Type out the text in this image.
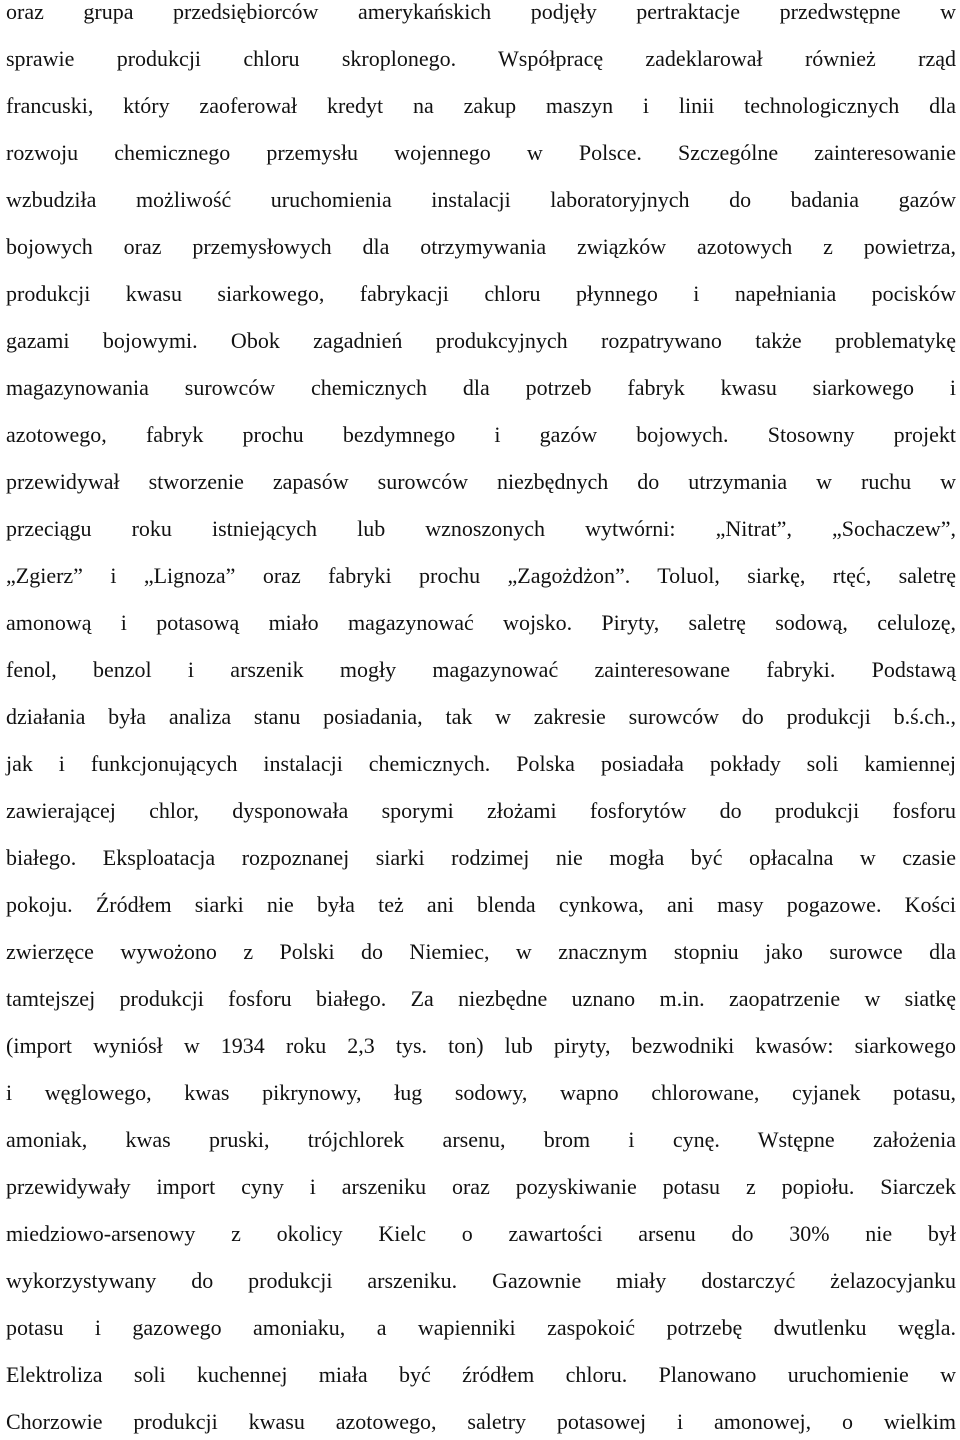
oraz grupa przedsiębiorców amerykańskich podjęły pertraktacje przedwstępne w
sprawie produkcji chloru skroplonego. Współpracę zadeklarował również rząd
francuski, który zaoferował kredyt na zakup maszyn i linii technologicznych dla
rozwoju chemicznego przemysłu wojennego w Polsce. Szczególne zainteresowanie
wzbudziła możliwość uruchomienia instalacji laboratoryjnych do badania gazów
bojowych oraz przemysłowych dla otrzymywania związków azotowych z powietrza,
produkcji kwasu siarkowego, fabrykacji chloru płynnego i napełniania pocisków
gazami bojowymi. Obok zagadnień produkcyjnych rozpatrywano także problematykę
magazynowania surowców chemicznych dla potrzeb fabryk kwasu siarkowego i
azotowego, fabryk prochu bezdymnego i gazów bojowych. Stosowny projekt
przewidywał stworzenie zapasów surowców niezbędnych do utrzymania w ruchu w
przeciągu roku istniejących lub wznoszonych wytwórni: „Nitrat”, „Sochaczew”,
„Zgierz” i „Lignoza” oraz fabryki prochu „Zagożdżon”. Toluol, siarkę, rtęć, saletrę
amonową i potasową miało magazynować wojsko. Piryty, saletrę sodową, celulozę,
fenol, benzol i arszenik mogły magazynować zainteresowane fabryki. Podstawą
działania była analiza stanu posiadania, tak w zakresie surowców do produkcji b.ś.ch.,
jak i funkcjonujących instalacji chemicznych. Polska posiadała pokłady soli kamiennej
zawierającej chlor, dysponowała sporymi złożami fosforytów do produkcji fosforu
białego. Eksploatacja rozpoznanej siarki rodzimej nie mogła być opłacalna w czasie
pokoju. Źródłem siarki nie była też ani blenda cynkowa, ani masy pogazowe. Kości
zwierzęce wywożono z Polski do Niemiec, w znacznym stopniu jako surowce dla
tamtejszej produkcji fosforu białego. Za niezbędne uznano m.in. zaopatrzenie w siatkę
(import wyniósł w 1934 roku 2,3 tys. ton) lub piryty, bezwodniki kwasów: siarkowego
i węglowego, kwas pikrynowy, ług sodowy, wapno chlorowane, cyjanek potasu,
amoniak, kwas pruski, trójchlorek arsenu, brom i cynę. Wstępne założenia
przewidywały import cyny i arszeniku oraz pozyskiwanie potasu z popiołu. Siarczek
miedziowo-arsenowy z okolicy Kielc o zawartości arsenu do 30% nie był
wykorzystywany do produkcji arszeniku. Gazownie miały dostarczyć żelazocyjanku
potasu i gazowego amoniaku, a wapienniki zaspokoić potrzebę dwutlenku węgla.
Elektroliza soli kuchennej miała być źródłem chloru. Planowano uruchomienie w
Chorzowie produkcji kwasu azotowego, saletry potasowej i amonowej, o wielkim
